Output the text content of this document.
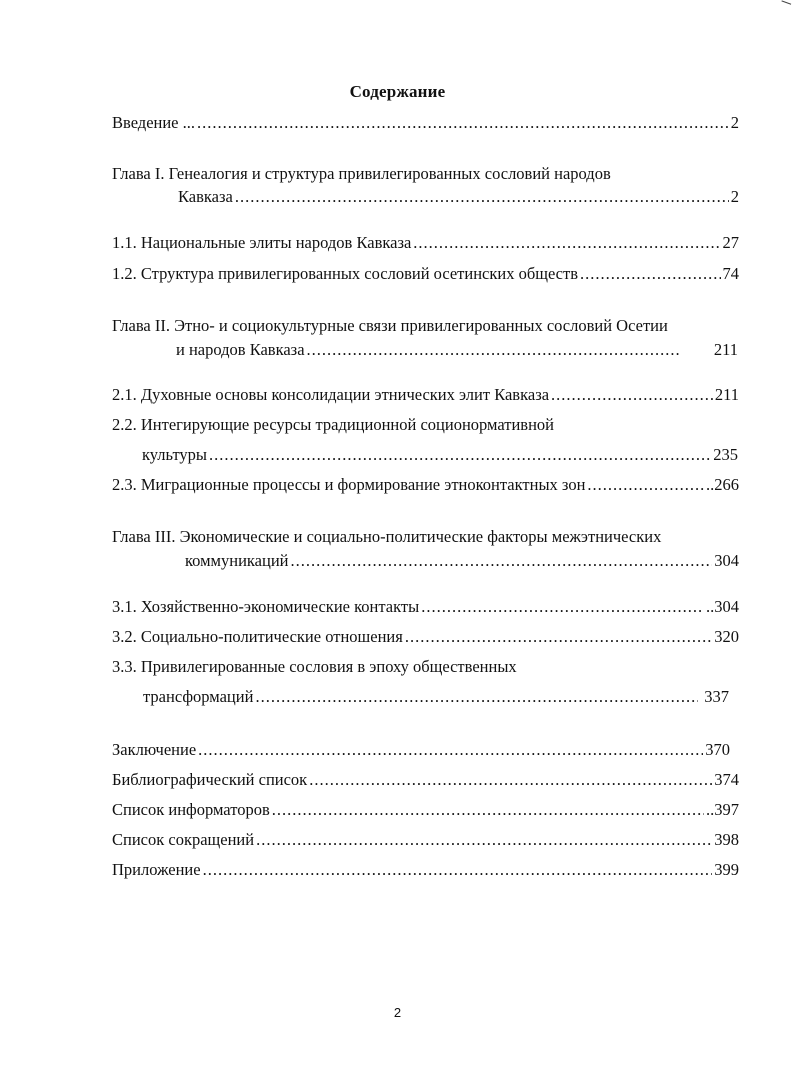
Содержание
Введение ... .....	2
Глава I. Генеалогия и структура привилегированных сословий народов
Кавказа .....	2
1.1. Национальные элиты народов Кавказа .....	27
1.2. Структура привилегированных сословий осетинских обществ .....	74
Глава II. Этно- и социокультурные связи привилегированных сословий Осетии
и народов Кавказа .....	211
2.1. Духовные основы консолидации этнических элит Кавказа .....	211
2.2. Интегирующие ресурсы традиционной соционормативной
культуры .....	235
2.3. Миграционные процессы и формирование этноконтактных зон .....	..266
Глава III. Экономические и социально-политические факторы межэтнических
коммуникаций .....	304
3.1. Хозяйственно-экономические контакты .....	..304
3.2. Социально-политические отношения .....	320
3.3. Привилегированные сословия в эпоху общественных
трансформаций .....	337
Заключение .....	370
Библиографический список .....	374
Список информаторов .....	..397
Список сокращений .....	398
Приложение .....	399
2
